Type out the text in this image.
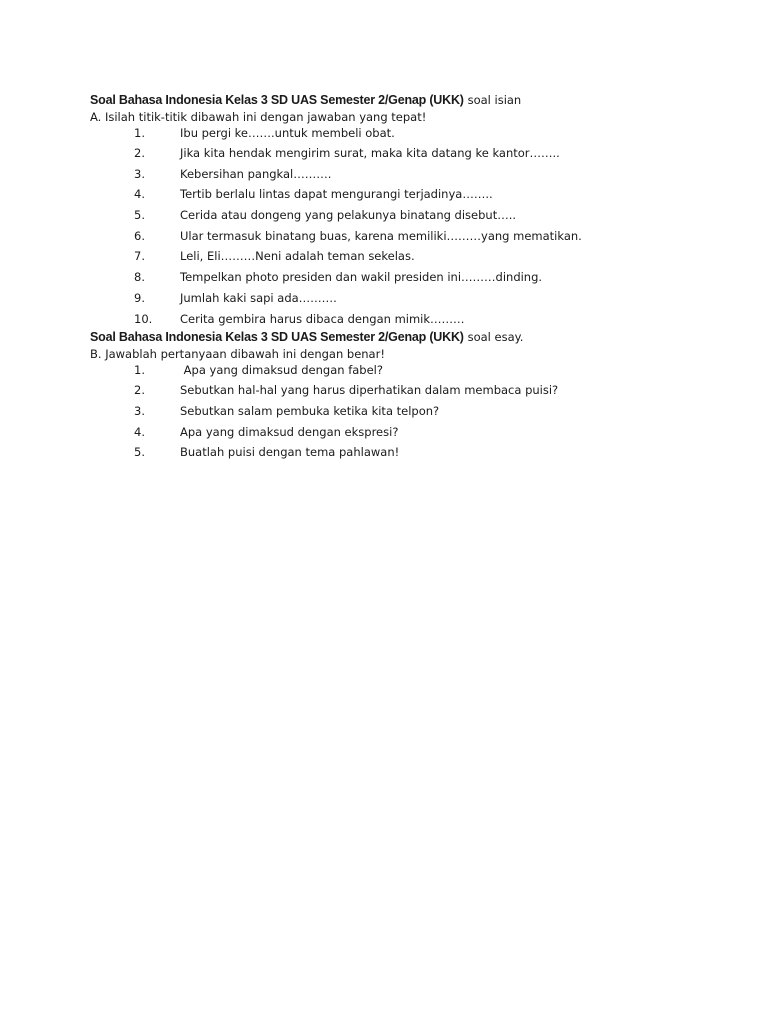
Soal Bahasa Indonesia Kelas 3 SD UAS Semester 2/Genap (UKK) soal isian
A. Isilah titik-titik dibawah ini dengan jawaban yang tepat!
1.	Ibu pergi ke…….untuk membeli obat.
2.	Jika kita hendak mengirim surat, maka kita datang ke kantor……..
3.	Kebersihan pangkal……….
4.	Tertib berlalu lintas dapat mengurangi terjadinya……..
5.	Cerida atau dongeng yang pelakunya binatang disebut…..
6.	Ular termasuk binatang buas, karena memiliki………yang mematikan.
7.	Leli, Eli………Neni adalah teman sekelas.
8.	Tempelkan photo presiden dan wakil presiden ini………dinding.
9.	Jumlah kaki sapi ada……….
10.	Cerita gembira harus dibaca dengan mimik………
Soal Bahasa Indonesia Kelas 3 SD UAS Semester 2/Genap (UKK) soal esay.
B. Jawablah pertanyaan dibawah ini dengan benar!
1.	Apa yang dimaksud dengan fabel?
2.	Sebutkan hal-hal yang harus diperhatikan dalam membaca puisi?
3.	Sebutkan salam pembuka ketika kita telpon?
4.	Apa yang dimaksud dengan ekspresi?
5.	Buatlah puisi dengan tema pahlawan!
